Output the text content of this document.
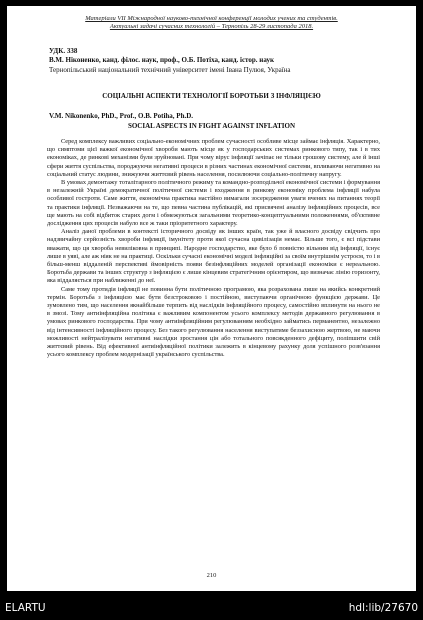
Матеріали VII Міжнародної науково-технічної конференції молодих учених та студентів.
Актуальні задачі сучасних технологій – Тернопіль 28-29 листопада 2018.
УДК. 338
В.М. Ніконенко, канд. філос. наук, проф., О.Б. Потіха, канд. істор. наук
Тернопільський національний технічний університет імені Івана Пулюя, Україна
СОЦІАЛЬНІ АСПЕКТИ ТЕХНОЛОГІЇ БОРОТЬБИ З ІНФЛЯЦІЄЮ
V.M. Nikonenko, PhD., Prof., O.B. Potiha, Ph.D.
SOCIAL ASPECTS IN FIGHT AGAINST INFLATION

Серед комплексу важливих соціально-економічних проблем сучасності особливе місце займає інфляція. Характерно, що симптоми цієї важкої економічної хвороби мають місце як у господарських системах ринкового типу, так і в тих економіках, де ринкові механізми були зруйновані. При чому вірус інфляції зачіпає не тільки грошову систему, але й інші сфери життя суспільства, породжуючи негативні процеси в різних частинах економічної системи, впливаючи негативно на соціальний статус людини, знижуючи життєвий рівень населення, посилюючи соціально-політичну напругу.

В умовах демонтажу тоталітарного політичного режиму та командно-розподільчої економічної системи і формування в незалежній Україні демократичної політичної системи і входження в ринкову економіку проблема інфляції набула особливої гостроти. Саме життя, економічна практика настійно вимагали зосередження уваги вчених на питаннях теорії та практики інфляції. Незважаючи на те, що певна частина публікацій, які присвячені аналізу інфляційних процесів, все ще мають на собі відбиток старих догм і обмежуються загальними теоретико-концептуальними положеннями, об'єктивне дослідження цих процесів набуло все ж таки пріоритетного характеру.

Аналіз даної проблеми в контексті історичного досвіду як інших країн, так уже й власного досвіду свідчить про надзвичайну серйозність хвороби інфляції, імунітету проти якої сучасна цивілізація немає. Більше того, є всі підстави вважати, що ця хвороба невиліковна в принципі. Народне господарство, яке було б повністю вільним від інфляції, існує лише в уяві, але аж ніяк не на практиці. Оскільки сучасні економічні моделі інфляційні за своїм внутрішнім устроєм, то і в більш-менш віддаленій перспективі ймовірність появи безінфляційних моделей організації економіки є нереальною. Боротьба держави та інших структур з інфляцією є лише кінцевим стратегічним орієнтиром, що визначає лінію горизонту, яка віддаляється при наближенні до неї.

Саме тому протидія інфляції не повинна бути політичною програмою, яка розрахована лише на якийсь конкретний термін. Боротьба з інфляцією має бути безстроковою і постійною, виступаючи органічною функцією держави. Це зумовлено тим, що населення якнайбільше терпить від наслідків інфляційного процесу, самостійно вплинути на нього не в змозі. Тому антиінфляційна політика є важливим компонентом усього комплексу методів державного регулювання в умовах ринкового господарства. При чому антиінфляційним регулюванням необхідно займатись перманентно, незалежно від інтенсивності інфляційного процесу. Без такого регулювання населення виступатиме беззахисною жертвою, не маючи можливості нейтралізувати негативні наслідки зростання цін або тотального повсякденного дефіциту, поліпшити свій життєвий рівень. Від ефективної антиінфляційної політики залежить в кінцевому рахунку доля успішного розв'язання усього комплексу проблем модернізації українського суспільства.

210
ELARTU	hdl:lib/27670
